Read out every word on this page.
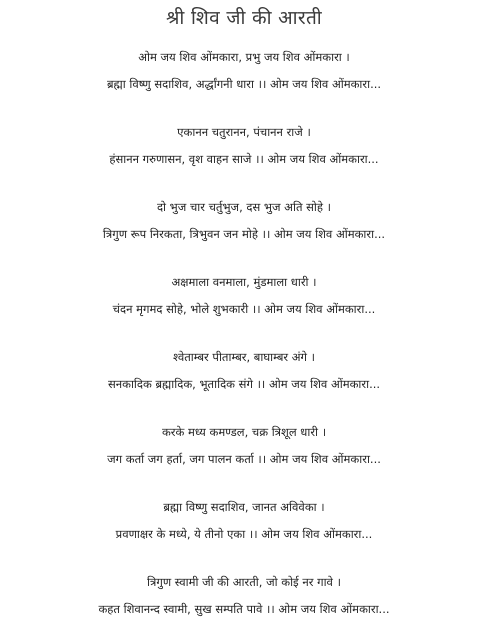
श्री शिव जी की आरती
ओम जय शिव ओंमकारा, प्रभु जय शिव ओंमकारा ।
ब्रह्मा विष्णु सदाशिव, अर्द्धांगनी धारा ।। ओम जय शिव ओंमकारा...
एकानन चतुरानन, पंचानन राजे ।
हंसानन गरुणासन, वृश वाहन साजे ।। ओम जय शिव ओंमकारा...
दो भुज चार चर्तुभुज, दस भुज अति सोहे ।
त्रिगुण रूप निरकता, त्रिभुवन जन मोहे ।। ओम जय शिव ओंमकारा...
अक्षमाला वनमाला, मुंडमाला धारी ।
चंदन मृगमद सोहे, भोले शुभकारी ।। ओम जय शिव ओंमकारा...
श्वेताम्बर पीताम्बर, बाघाम्बर अंगे ।
सनकादिक ब्रह्मादिक, भूतादिक संगे ।। ओम जय शिव ओंमकारा...
करके मध्य कमण्डल, चक्र त्रिशूल धारी ।
जग कर्ता जग हर्ता, जग पालन कर्ता ।। ओम जय शिव ओंमकारा...
ब्रह्मा विष्णु सदाशिव, जानत अविवेका ।
प्रवणाक्षर के मध्ये, ये तीनो एका ।। ओम जय शिव ओंमकारा...
त्रिगुण स्वामी जी की आरती, जो कोई नर गावे ।
कहत शिवानन्द स्वामी, सुख सम्पति पावे ।। ओम जय शिव ओंमकारा...
